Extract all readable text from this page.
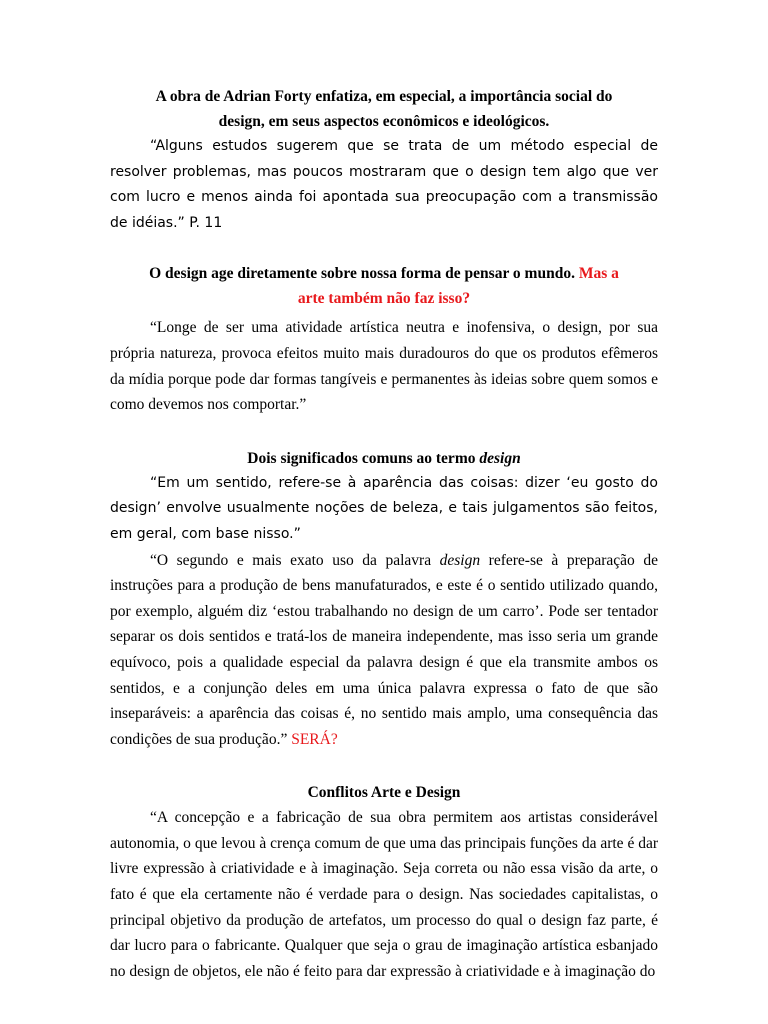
A obra de Adrian Forty enfatiza, em especial, a importância social do
design, em seus aspectos econômicos e ideológicos.

“Alguns estudos sugerem que se trata de um método especial de resolver problemas, mas poucos mostraram que o design tem algo que ver com lucro e menos ainda foi apontada sua preocupação com a transmissão de idéias.” P. 11

O design age diretamente sobre nossa forma de pensar o mundo. Mas a
arte também não faz isso?

“Longe de ser uma atividade artística neutra e inofensiva, o design, por sua própria natureza, provoca efeitos muito mais duradouros do que os produtos efêmeros da mídia porque pode dar formas tangíveis e permanentes às ideias sobre quem somos e como devemos nos comportar.”

Dois significados comuns ao termo design

“Em um sentido, refere-se à aparência das coisas: dizer ‘eu gosto do design’ envolve usualmente noções de beleza, e tais julgamentos são feitos, em geral, com base nisso.”

“O segundo e mais exato uso da palavra design refere-se à preparação de instruções para a produção de bens manufaturados, e este é o sentido utilizado quando, por exemplo, alguém diz ‘estou trabalhando no design de um carro’. Pode ser tentador separar os dois sentidos e tratá-los de maneira independente, mas isso seria um grande equívoco, pois a qualidade especial da palavra design é que ela transmite ambos os sentidos, e a conjunção deles em uma única palavra expressa o fato de que são inseparáveis: a aparência das coisas é, no sentido mais amplo, uma consequência das condições de sua produção.” SERÁ?

Conflitos Arte e Design

“A concepção e a fabricação de sua obra permitem aos artistas considerável autonomia, o que levou à crença comum de que uma das principais funções da arte é dar livre expressão à criatividade e à imaginação. Seja correta ou não essa visão da arte, o fato é que ela certamente não é verdade para o design. Nas sociedades capitalistas, o principal objetivo da produção de artefatos, um processo do qual o design faz parte, é dar lucro para o fabricante. Qualquer que seja o grau de imaginação artística esbanjado no design de objetos, ele não é feito para dar expressão à criatividade e à imaginação do
